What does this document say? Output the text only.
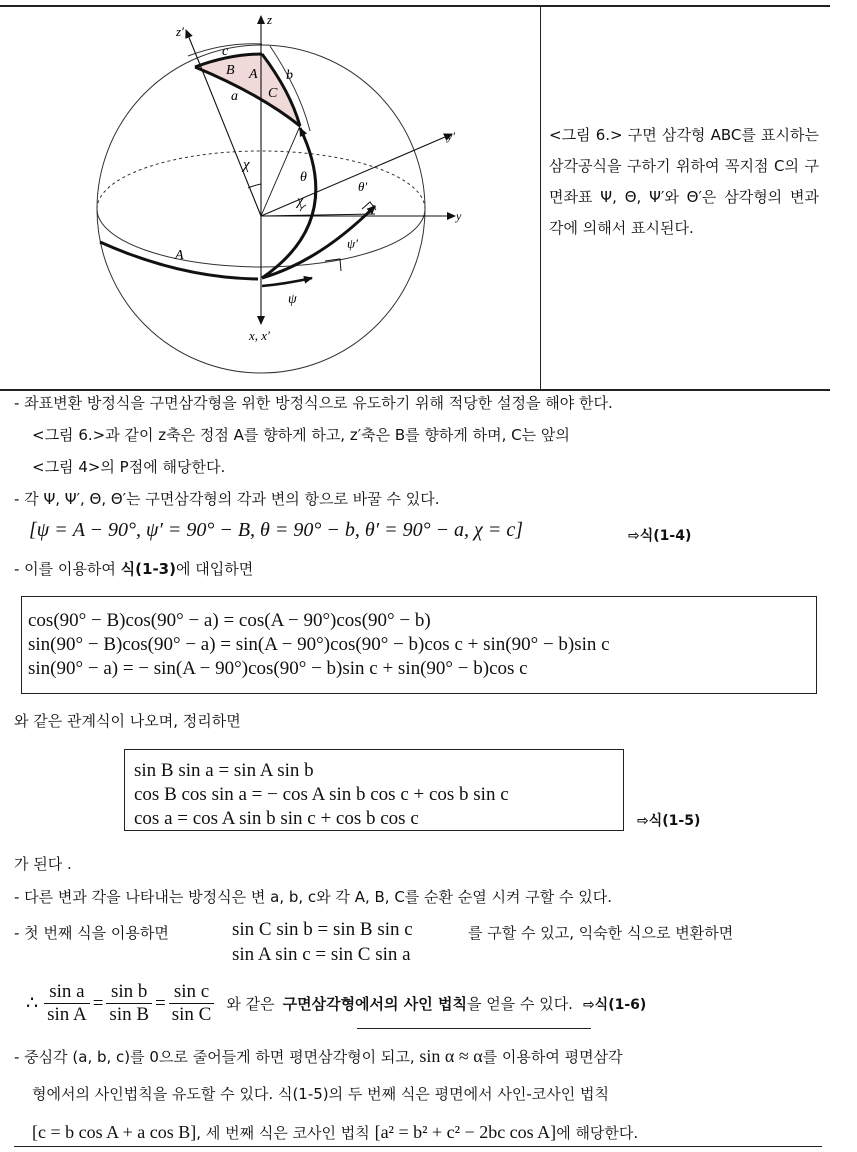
z
z'
y'
y
x, x'
c
B A b
C
a
χ
θ
χ
θ'
ψ'
A
ψ
<그림 6.> 구면 삼각형 ABC를 표시하는 삼각공식을 구하기 위하여 꼭지점 C의 구면좌표 Ψ, Θ, Ψ′와 Θ′은 삼각형의 변과 각에 의해서 표시된다.
- 좌표변환 방정식을 구면삼각형을 위한 방정식으로 유도하기 위해 적당한 설정을 해야 한다.
<그림 6.>과 같이 z축은 정점 A를 향하게 하고, z′축은 B를 향하게 하며, C는 앞의
<그림 4>의 P점에 해당한다.
- 각 Ψ, Ψ′, Θ, Θ′는 구면삼각형의 각과 변의 항으로 바꿀 수 있다.
[ψ = A − 90°, ψ′ = 90° − B, θ = 90° − b, θ′ = 90° − a, χ = c]	⇨식(1-4)
- 이를 이용하여 식(1-3)에 대입하면
cos(90° − B)cos(90° − a) = cos(A − 90°)cos(90° − b)
sin(90° − B)cos(90° − a) = sin(A − 90°)cos(90° − b)cos c + sin(90° − b)sin c
sin(90° − a) = − sin(A − 90°)cos(90° − b)sin c + sin(90° − b)cos c
와 같은 관계식이 나오며, 정리하면
sin B sin a = sin A sin b
cos B cos sin a = − cos A sin b cos c + cos b sin c
cos a = cos A sin b sin c + cos b cos c	⇨식(1-5)
가 된다 .
- 다른 변과 각을 나타내는 방정식은 변 a, b, c와 각 A, B, C를 순환 순열 시켜 구할 수 있다.
- 첫 번째 식을 이용하면	sin C sin b = sin B sin c	를 구할 수 있고, 익숙한 식으로 변환하면
sin A sin c = sin C sin a
∴ $\frac{\text{sin a}}{\text{sin A}} = \frac{\text{sin b}}{\text{sin B}} = \frac{\text{sin c}}{\text{sin C}}$ 와 같은 구면삼각형에서의 사인 법칙 을 얻을 수 있다. ⇨식(1-6)
- 중심각 (a, b, c)를 0으로 줄어들게 하면 평면삼각형이 되고, sin α ≈ α를 이용하여 평면삼각
형에서의 사인법칙을 유도할 수 있다. 식(1-5)의 두 번째 식은 평면에서 사인-코사인 법칙
[c = b cos A + a cos B], 세 번째 식은 코사인 법칙 [a² = b² + c² − 2bc cos A]에 해당한다.
